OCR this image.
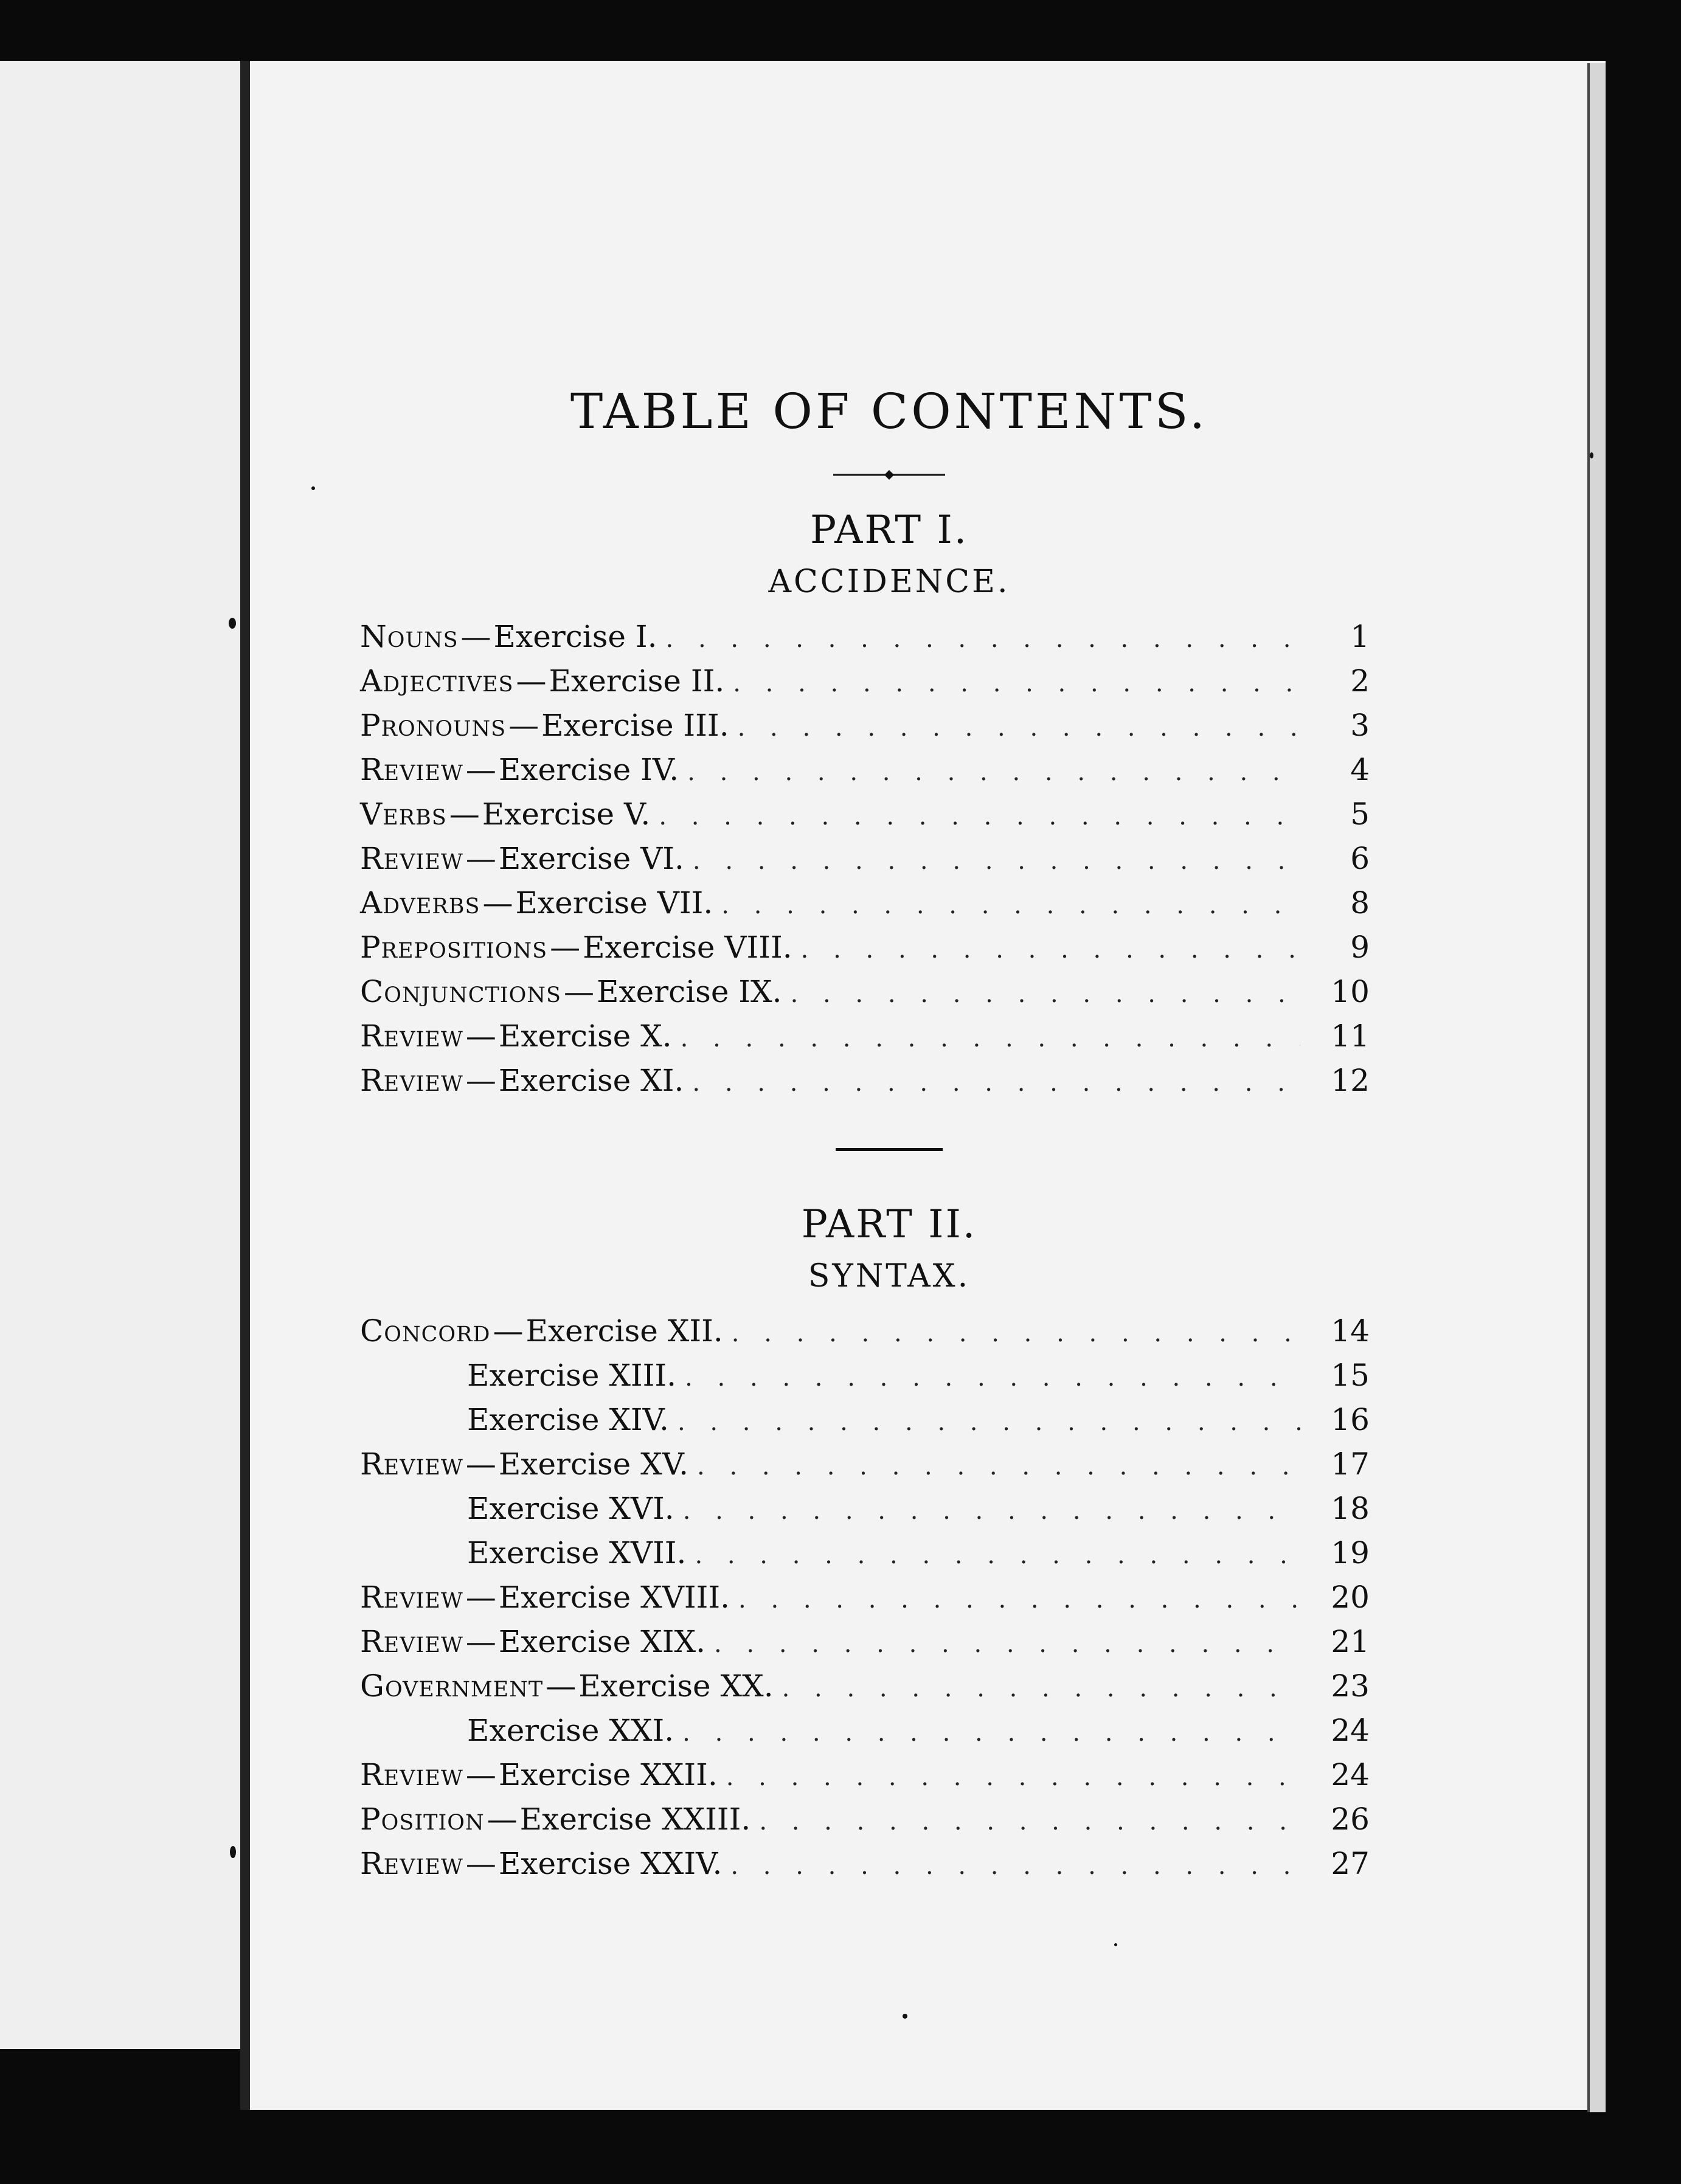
TABLE OF CONTENTS.
PART I.
ACCIDENCE.
Nouns — Exercise I. . . .	1
Adjectives — Exercise II. . . .	2
Pronouns — Exercise III. . . .	3
Review — Exercise IV. . . .	4
Verbs — Exercise V. . . .	5
Review — Exercise VI. . . .	6
Adverbs — Exercise VII. . . .	8
Prepositions — Exercise VIII. . . .	9
Conjunctions — Exercise IX. . . .	10
Review — Exercise X. . . .	11
Review — Exercise XI. . . .	12
PART II.
SYNTAX.
Concord — Exercise XII. . . .	14
Exercise XIII. . . .	15
Exercise XIV. . . .	16
Review — Exercise XV. . . .	17
Exercise XVI. . . .	18
Exercise XVII. . . .	19
Review — Exercise XVIII. . . .	20
Review — Exercise XIX. . . .	21
Government — Exercise XX. . . .	23
Exercise XXI. . . .	24
Review — Exercise XXII. . . .	24
Position — Exercise XXIII. . . .	26
Review — Exercise XXIV. . . .	27
